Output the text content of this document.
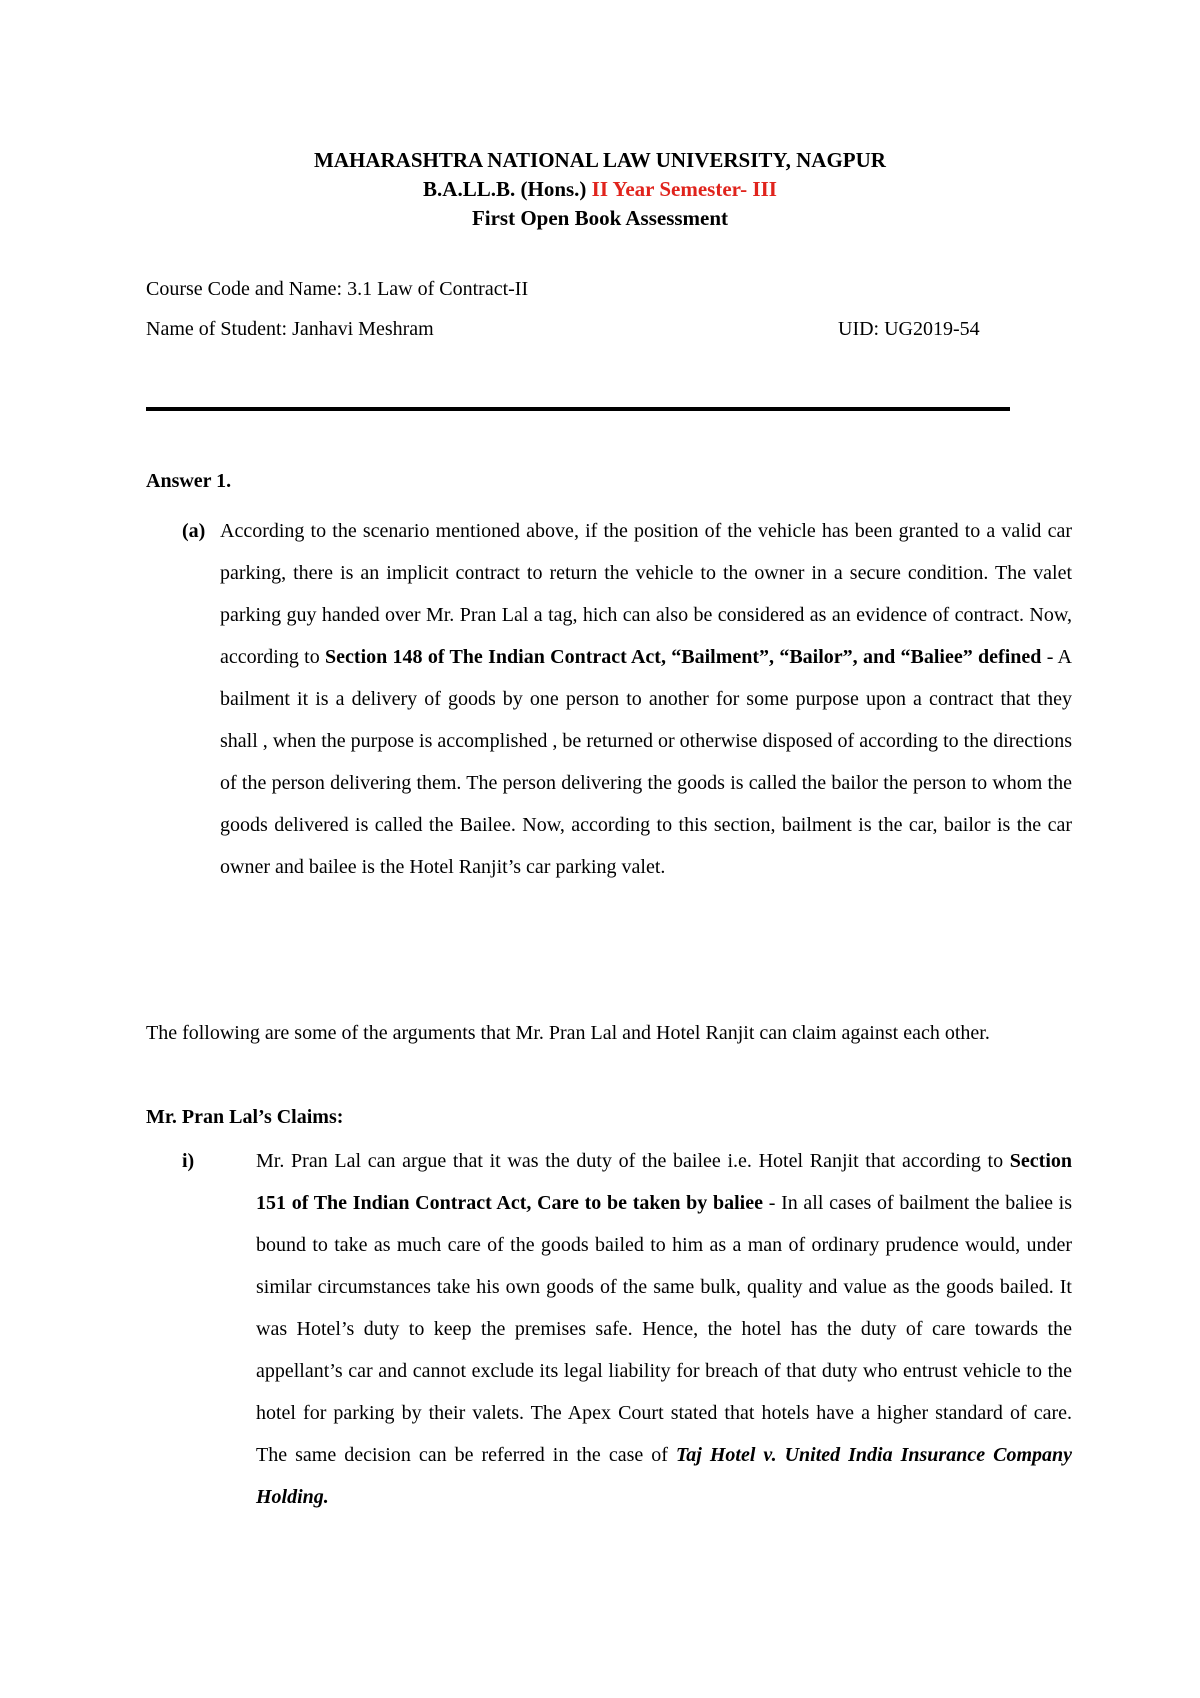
MAHARASHTRA NATIONAL LAW UNIVERSITY, NAGPUR
B.A.LL.B. (Hons.) II Year Semester- III
First Open Book Assessment
Course Code and Name: 3.1 Law of Contract-II
Name of Student: Janhavi Meshram	UID: UG2019-54
Answer 1.
(a) According to the scenario mentioned above, if the position of the vehicle has been granted to a valid car parking, there is an implicit contract to return the vehicle to the owner in a secure condition. The valet parking guy handed over Mr. Pran Lal a tag, hich can also be considered as an evidence of contract. Now, according to Section 148 of The Indian Contract Act, “Bailment”, “Bailor”, and “Baliee” defined - A bailment it is a delivery of goods by one person to another for some purpose upon a contract that they shall , when the purpose is accomplished , be returned or otherwise disposed of according to the directions of the person delivering them. The person delivering the goods is called the bailor the person to whom the goods delivered is called the Bailee. Now, according to this section, bailment is the car, bailor is the car owner and bailee is the Hotel Ranjit’s car parking valet.

The following are some of the arguments that Mr. Pran Lal and Hotel Ranjit can claim against each other.

Mr. Pran Lal’s Claims:
i)	Mr. Pran Lal can argue that it was the duty of the bailee i.e. Hotel Ranjit that according to Section 151 of The Indian Contract Act, Care to be taken by baliee - In all cases of bailment the baliee is bound to take as much care of the goods bailed to him as a man of ordinary prudence would, under similar circumstances take his own goods of the same bulk, quality and value as the goods bailed. It was Hotel’s duty to keep the premises safe. Hence, the hotel has the duty of care towards the appellant’s car and cannot exclude its legal liability for breach of that duty who entrust vehicle to the hotel for parking by their valets. The Apex Court stated that hotels have a higher standard of care. The same decision can be referred in the case of Taj Hotel v. United India Insurance Company Holding.
